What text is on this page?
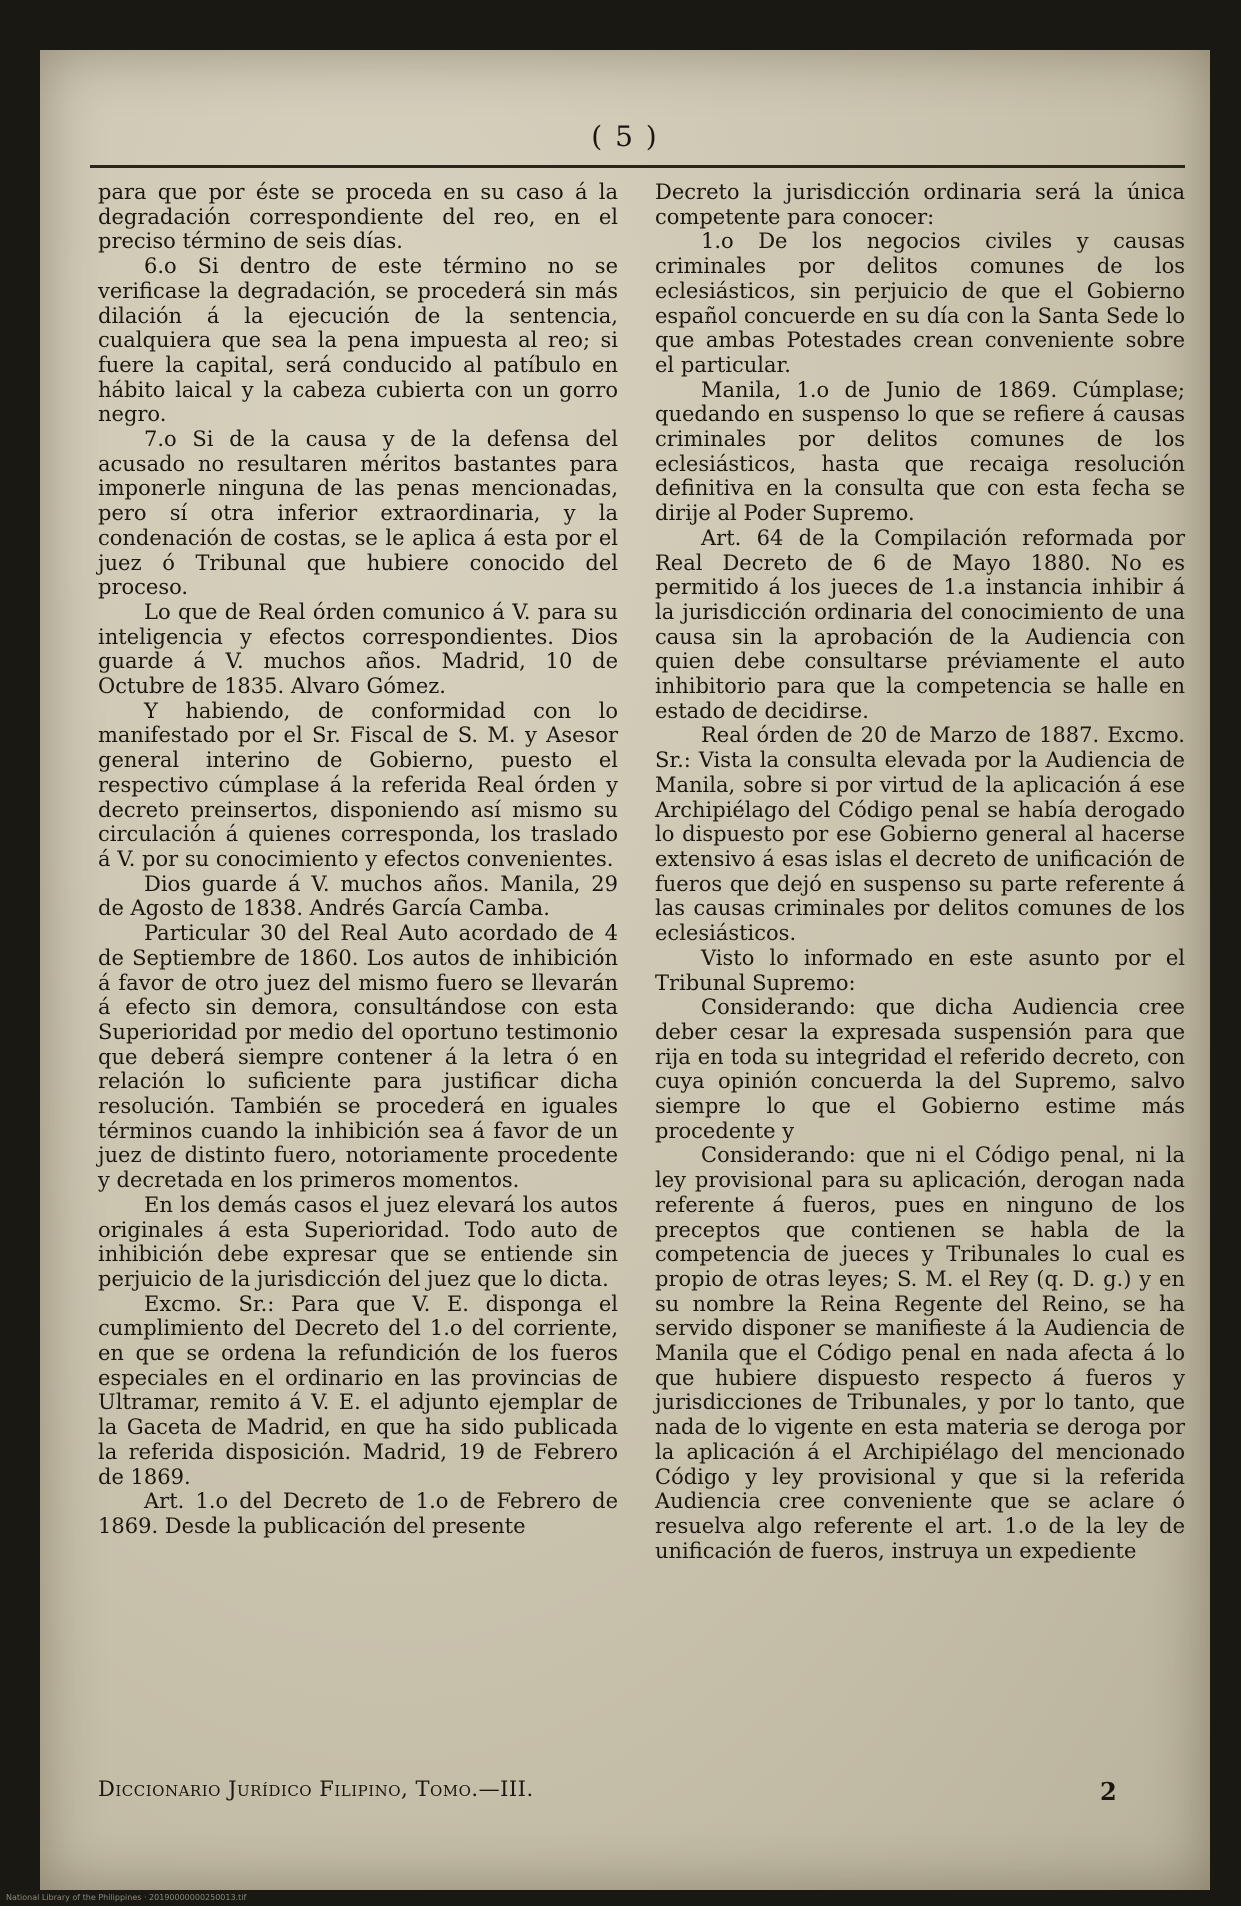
( 5 )

para que por éste se proceda en su caso á la degradación correspondiente del reo, en el preciso término de seis días.

6.o Si dentro de este término no se verificase la degradación, se procederá sin más dilación á la ejecución de la sentencia, cualquiera que sea la pena impuesta al reo; si fuere la capital, será conducido al patíbulo en hábito laical y la cabeza cubierta con un gorro negro.

7.o Si de la causa y de la defensa del acusado no resultaren méritos bastantes para imponerle ninguna de las penas mencionadas, pero sí otra inferior extraordinaria, y la condenación de costas, se le aplica á esta por el juez ó Tribunal que hubiere conocido del proceso.

Lo que de Real órden comunico á V. para su inteligencia y efectos correspondientes. Dios guarde á V. muchos años. Madrid, 10 de Octubre de 1835. Alvaro Gómez.

Y habiendo, de conformidad con lo manifestado por el Sr. Fiscal de S. M. y Asesor general interino de Gobierno, puesto el respectivo cúmplase á la referida Real órden y decreto preinsertos, disponiendo así mismo su circulación á quienes corresponda, los traslado á V. por su conocimiento y efectos convenientes.

Dios guarde á V. muchos años. Manila, 29 de Agosto de 1838. Andrés García Camba.

Particular 30 del Real Auto acordado de 4 de Septiembre de 1860. Los autos de inhibición á favor de otro juez del mismo fuero se llevarán á efecto sin demora, consultándose con esta Superioridad por medio del oportuno testimonio que deberá siempre contener á la letra ó en relación lo suficiente para justificar dicha resolución. También se procederá en iguales términos cuando la inhibición sea á favor de un juez de distinto fuero, notoriamente procedente y decretada en los primeros momentos.

En los demás casos el juez elevará los autos originales á esta Superioridad. Todo auto de inhibición debe expresar que se entiende sin perjuicio de la jurisdicción del juez que lo dicta.

Excmo. Sr.: Para que V. E. disponga el cumplimiento del Decreto del 1.o del corriente, en que se ordena la refundición de los fueros especiales en el ordinario en las provincias de Ultramar, remito á V. E. el adjunto ejemplar de la Gaceta de Madrid, en que ha sido publicada la referida disposición. Madrid, 19 de Febrero de 1869.

Art. 1.o del Decreto de 1.o de Febrero de 1869. Desde la publicación del presente

Decreto la jurisdicción ordinaria será la única competente para conocer:

1.o De los negocios civiles y causas criminales por delitos comunes de los eclesiásticos, sin perjuicio de que el Gobierno español concuerde en su día con la Santa Sede lo que ambas Potestades crean conveniente sobre el particular.

Manila, 1.o de Junio de 1869. Cúmplase; quedando en suspenso lo que se refiere á causas criminales por delitos comunes de los eclesiásticos, hasta que recaiga resolución definitiva en la consulta que con esta fecha se dirije al Poder Supremo.

Art. 64 de la Compilación reformada por Real Decreto de 6 de Mayo 1880. No es permitido á los jueces de 1.a instancia inhibir á la jurisdicción ordinaria del conocimiento de una causa sin la aprobación de la Audiencia con quien debe consultarse préviamente el auto inhibitorio para que la competencia se halle en estado de decidirse.

Real órden de 20 de Marzo de 1887. Excmo. Sr.: Vista la consulta elevada por la Audiencia de Manila, sobre si por virtud de la aplicación á ese Archipiélago del Código penal se había derogado lo dispuesto por ese Gobierno general al hacerse extensivo á esas islas el decreto de unificación de fueros que dejó en suspenso su parte referente á las causas criminales por delitos comunes de los eclesiásticos.

Visto lo informado en este asunto por el Tribunal Supremo:

Considerando: que dicha Audiencia cree deber cesar la expresada suspensión para que rija en toda su integridad el referido decreto, con cuya opinión concuerda la del Supremo, salvo siempre lo que el Gobierno estime más procedente y

Considerando: que ni el Código penal, ni la ley provisional para su aplicación, derogan nada referente á fueros, pues en ninguno de los preceptos que contienen se habla de la competencia de jueces y Tribunales lo cual es propio de otras leyes; S. M. el Rey (q. D. g.) y en su nombre la Reina Regente del Reino, se ha servido disponer se manifieste á la Audiencia de Manila que el Código penal en nada afecta á lo que hubiere dispuesto respecto á fueros y jurisdicciones de Tribunales, y por lo tanto, que nada de lo vigente en esta materia se deroga por la aplicación á el Archipiélago del mencionado Código y ley provisional y que si la referida Audiencia cree conveniente que se aclare ó resuelva algo referente el art. 1.o de la ley de unificación de fueros, instruya un expediente

Diccionario Jurídico Filipino, Tomo.—III.	2
National Library of the Philippines · 20190000000250013.tif
